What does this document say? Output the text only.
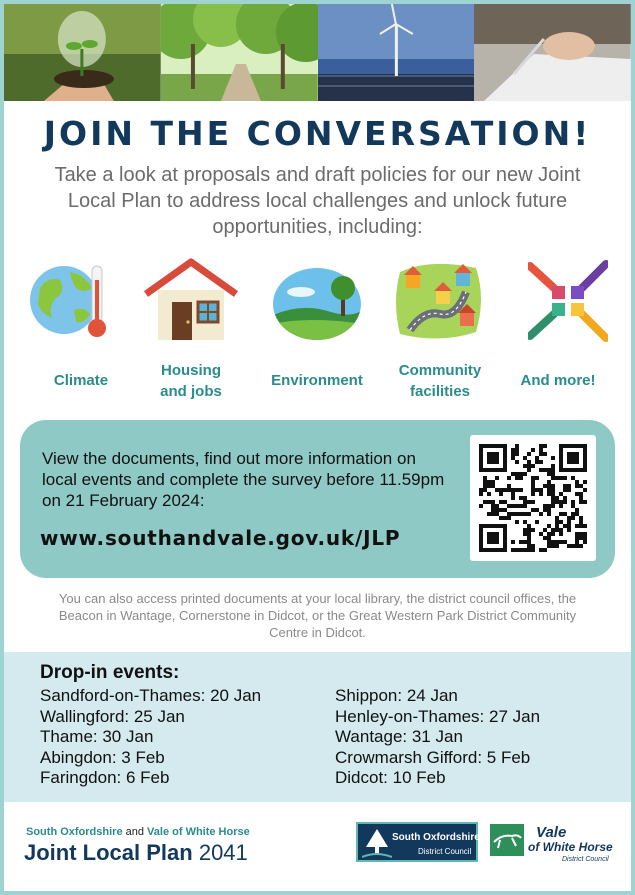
JOIN THE CONVERSATION!
Take a look at proposals and draft policies for our new Joint Local Plan to address local challenges and unlock future opportunities, including:
Climate
Housing
and jobs
Environment
Community
facilities
And more!
View the documents, find out more information on local events and complete the survey before 11.59pm on 21 February 2024:
www.southandvale.gov.uk/JLP
You can also access printed documents at your local library, the district council offices, the Beacon in Wantage, Cornerstone in Didcot, or the Great Western Park District Community Centre in Didcot.
Drop-in events:
Sandford-on-Thames: 20 Jan
Wallingford: 25 Jan
Thame: 30 Jan
Abingdon: 3 Feb
Faringdon: 6 Feb
Shippon: 24 Jan
Henley-on-Thames: 27 Jan
Wantage: 31 Jan
Crowmarsh Gifford: 5 Feb
Didcot: 10 Feb
South Oxfordshire and Vale of White Horse
Joint Local Plan 2041
South Oxfordshire
District Council
Vale
of White Horse
District Council
